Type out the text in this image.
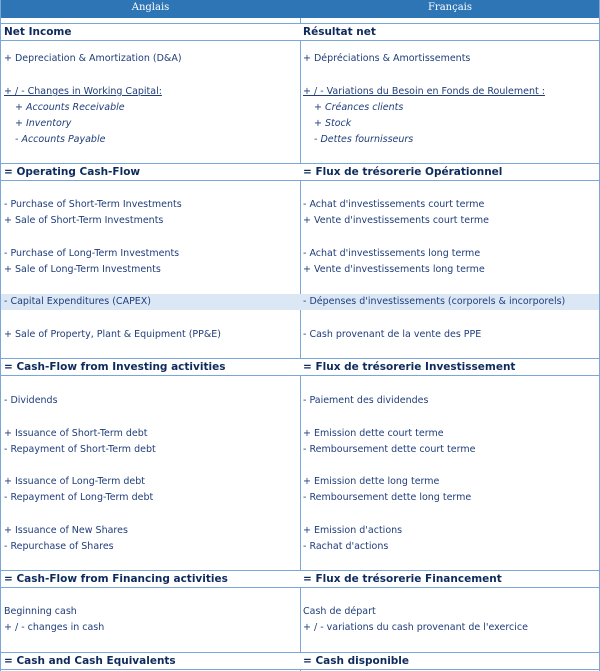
Anglais	Français
Net Income	Résultat net
+ Depreciation & Amortization (D&A)	+ Dépréciations & Amortissements
+ / - Changes in Working Capital:	+ / - Variations du Besoin en Fonds de Roulement :
+ Accounts Receivable	+ Créances clients
+ Inventory	+ Stock
- Accounts Payable	- Dettes fournisseurs
= Operating Cash-Flow	= Flux de trésorerie Opérationnel
- Purchase of Short-Term Investments	- Achat d'investissements court terme
+ Sale of Short-Term Investments	+ Vente d'investissements court terme
- Purchase of Long-Term Investments	- Achat d'investissements long terme
+ Sale of Long-Term Investments	+ Vente d'investissements long terme
- Capital Expenditures (CAPEX)	- Dépenses d'investissements (corporels & incorporels)
+ Sale of Property, Plant & Equipment (PP&E)	- Cash provenant de la vente des PPE
= Cash-Flow from Investing activities	= Flux de trésorerie Investissement
- Dividends	- Paiement des dividendes
+ Issuance of Short-Term debt	+ Emission dette court terme
- Repayment of Short-Term debt	- Remboursement dette court terme
+ Issuance of Long-Term debt	+ Emission dette long terme
- Repayment of Long-Term debt	- Remboursement dette long terme
+ Issuance of New Shares	+ Emission d'actions
- Repurchase of Shares	- Rachat d'actions
= Cash-Flow from Financing activities	= Flux de trésorerie Financement
Beginning cash	Cash de départ
+ / - changes in cash	+ / - variations du cash provenant de l'exercice
= Cash and Cash Equivalents	= Cash disponible
